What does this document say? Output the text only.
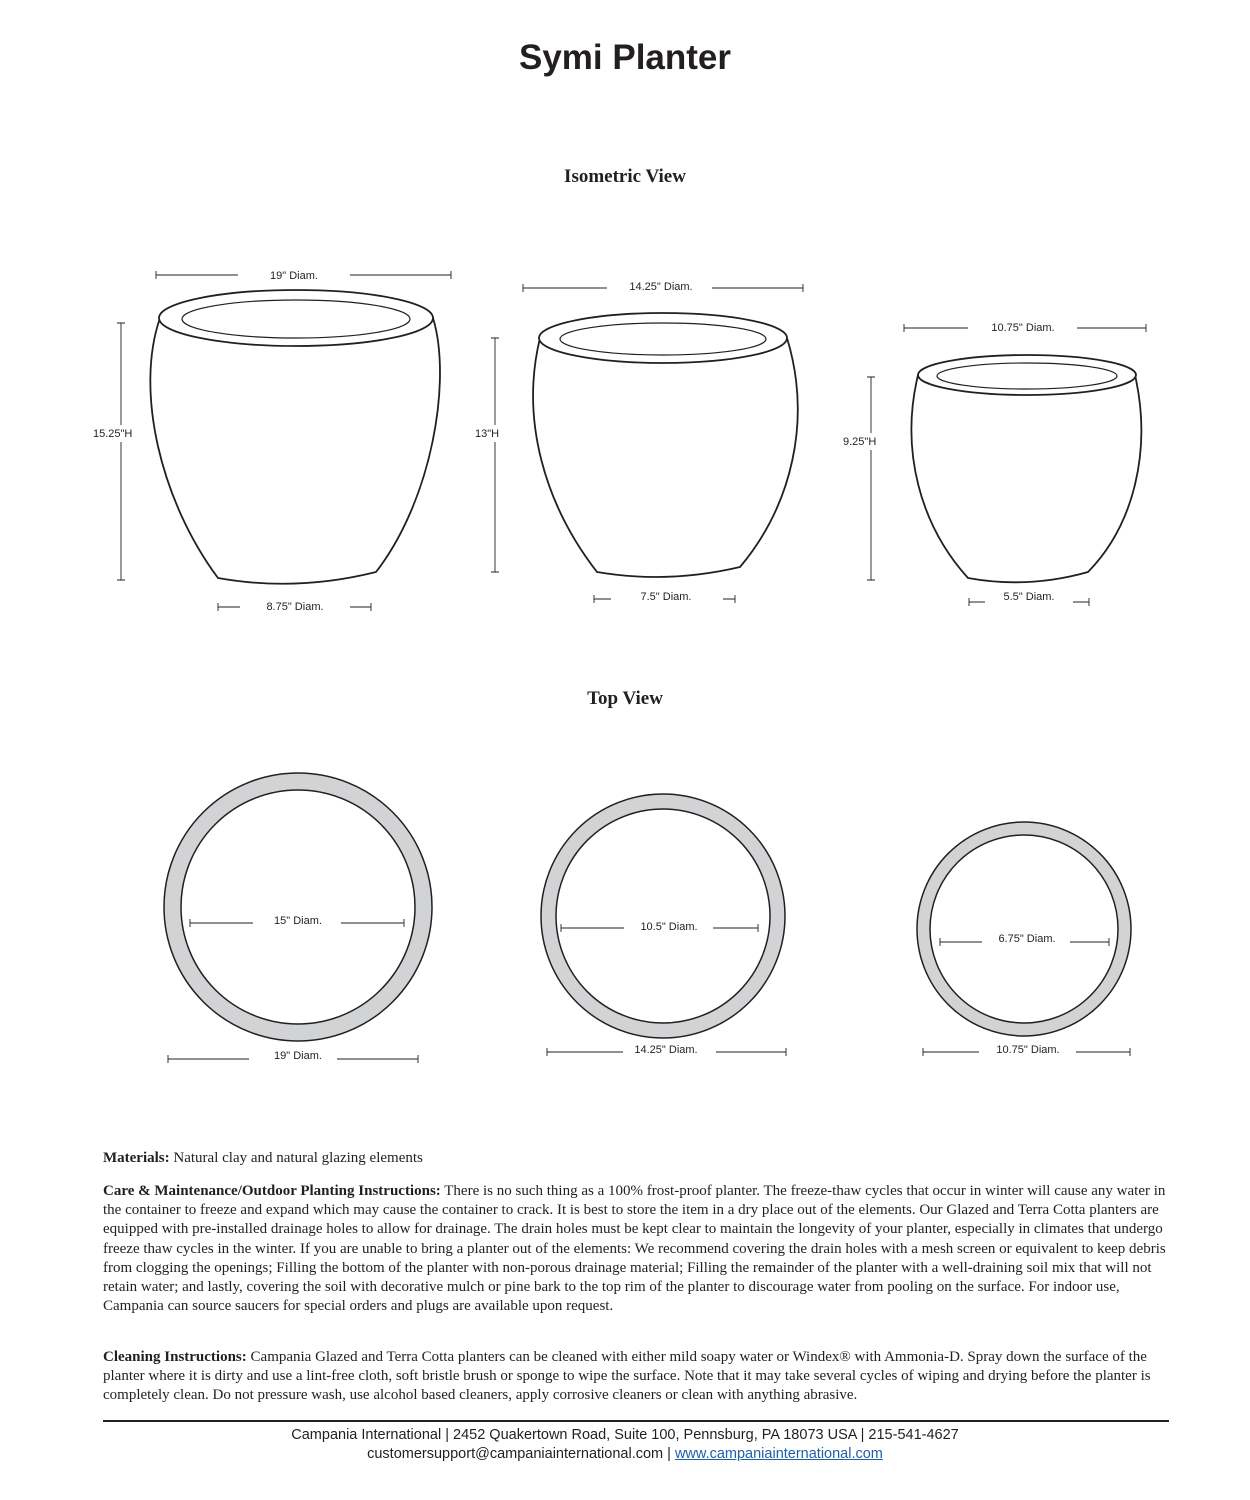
Symi Planter
Isometric View
Top View
19" Diam.
15.25"H
8.75" Diam.
14.25" Diam.
13"H
7.5" Diam.
10.75" Diam.
9.25"H
5.5" Diam.
15" Diam.
19" Diam.
10.5" Diam.
14.25" Diam.
6.75" Diam.
10.75" Diam.

Materials: Natural clay and natural glazing elements

Care & Maintenance/Outdoor Planting Instructions: There is no such thing as a 100% frost-proof planter. The freeze-thaw cycles that occur in winter will cause any water in the container to freeze and expand which may cause the container to crack. It is best to store the item in a dry place out of the elements. Our Glazed and Terra Cotta planters are equipped with pre-installed drainage holes to allow for drainage. The drain holes must be kept clear to maintain the longevity of your planter, especially in climates that undergo freeze thaw cycles in the winter. If you are unable to bring a planter out of the elements: We recommend covering the drain holes with a mesh screen or equivalent to keep debris from clogging the openings; Filling the bottom of the planter with non-porous drainage material; Filling the remainder of the planter with a well-draining soil mix that will not retain water; and lastly, covering the soil with decorative mulch or pine bark to the top rim of the planter to discourage water from pooling on the surface. For indoor use, Campania can source saucers for special orders and plugs are available upon request.

Cleaning Instructions: Campania Glazed and Terra Cotta planters can be cleaned with either mild soapy water or Windex® with Ammonia-D. Spray down the surface of the planter where it is dirty and use a lint-free cloth, soft bristle brush or sponge to wipe the surface. Note that it may take several cycles of wiping and drying before the planter is completely clean. Do not pressure wash, use alcohol based cleaners, apply corrosive cleaners or clean with anything abrasive.

Campania International | 2452 Quakertown Road, Suite 100, Pennsburg, PA 18073 USA | 215-541-4627

customersupport@campaniainternational.com | www.campaniainternational.com
